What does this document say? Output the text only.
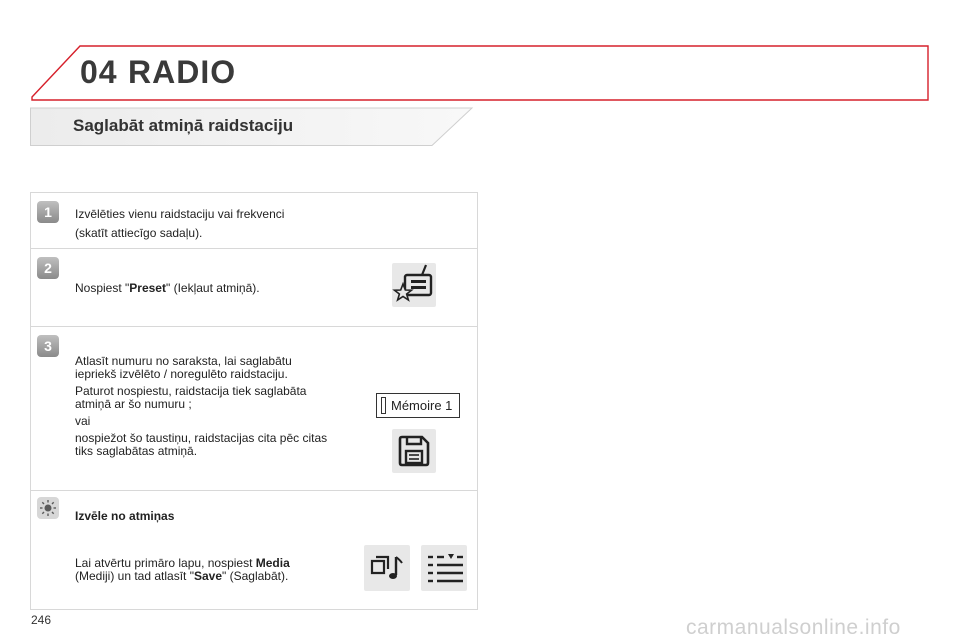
04 RADIO
Saglabāt atmiņā raidstaciju
1	Izvēlēties vienu raidstaciju vai frekvenci

(skatīt attiecīgo sadaļu).

2

Nospiest "Preset" (Iekļaut atmiņā).

3

Atlasīt numuru no saraksta, lai saglabātu
iepriekš izvēlēto / noregulēto raidstaciju.

Paturot nospiestu, raidstacija tiek saglabāta
atmiņā ar šo numuru ;

vai

nospiežot šo taustiņu, raidstacijas cita pēc citas
tiks saglabātas atmiņā.

Mémoire 1
Izvēle no atmiņas

Lai atvērtu primāro lapu, nospiest Media
(Mediji) un tad atlasīt "Save" (Saglabāt).

246	carmanualsonline.info
